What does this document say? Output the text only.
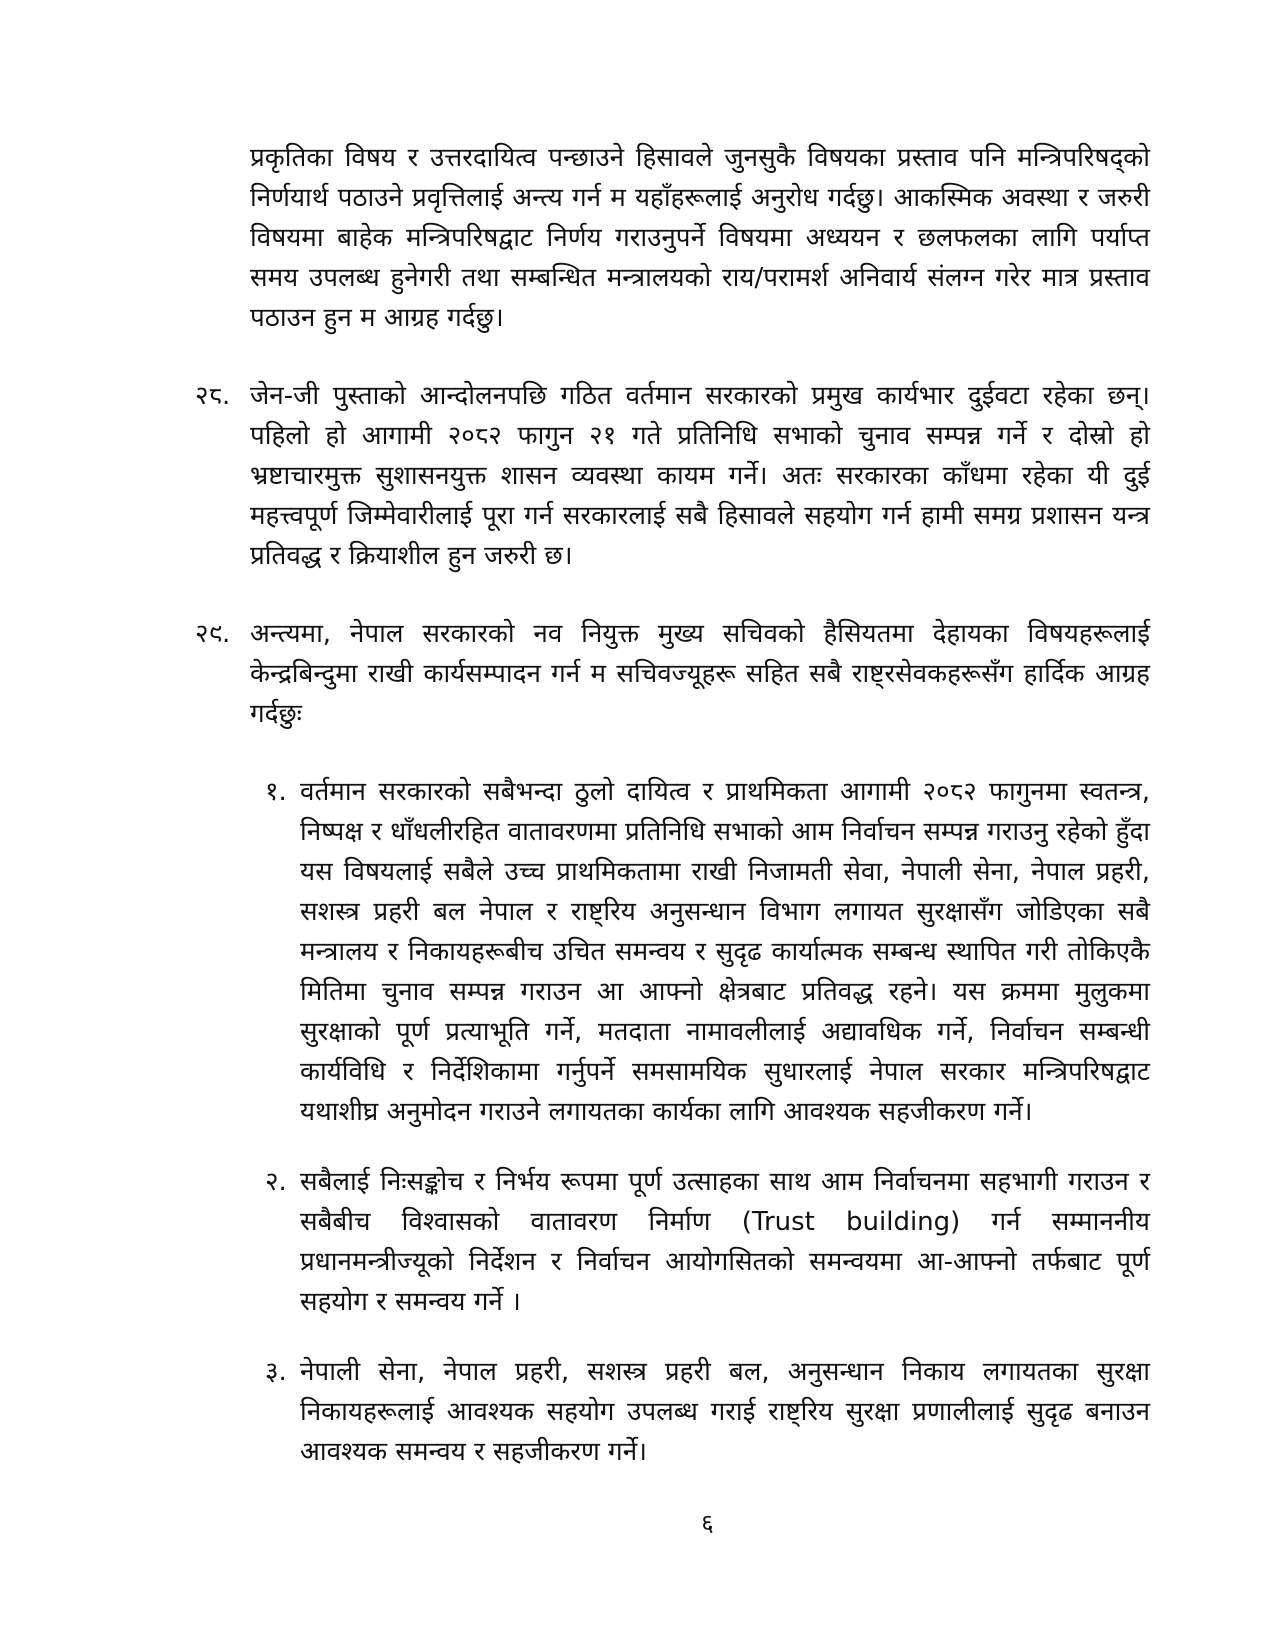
प्रकृतिका विषय र उत्तरदायित्व पन्छाउने हिसावले जुनसुकै विषयका प्रस्ताव पनि मन्त्रिपरिषद्को निर्णयार्थ पठाउने प्रवृत्तिलाई अन्त्य गर्न म यहाँहरूलाई अनुरोध गर्दछु। आकस्मिक अवस्था र जरुरी विषयमा बाहेक मन्त्रिपरिषद्वाट निर्णय गराउनुपर्ने विषयमा अध्ययन र छलफलका लागि पर्याप्त समय उपलब्ध हुनेगरी तथा सम्बन्धित मन्त्रालयको राय/परामर्श अनिवार्य संलग्न गरेर मात्र प्रस्ताव पठाउन हुन म आग्रह गर्दछु।

२८. जेन-जी पुस्ताको आन्दोलनपछि गठित वर्तमान सरकारको प्रमुख कार्यभार दुईवटा रहेका छन्। पहिलो हो आगामी २०८२ फागुन २१ गते प्रतिनिधि सभाको चुनाव सम्पन्न गर्ने र दोस्रो हो भ्रष्टाचारमुक्त सुशासनयुक्त शासन व्यवस्था कायम गर्ने। अतः सरकारका काँधमा रहेका यी दुई महत्त्वपूर्ण जिम्मेवारीलाई पूरा गर्न सरकारलाई सबै हिसावले सहयोग गर्न हामी समग्र प्रशासन यन्त्र प्रतिवद्ध र क्रियाशील हुन जरुरी छ।

२९. अन्त्यमा, नेपाल सरकारको नव नियुक्त मुख्य सचिवको हैसियतमा देहायका विषयहरूलाई केन्द्रबिन्दुमा राखी कार्यसम्पादन गर्न म सचिवज्यूहरू सहित सबै राष्ट्रसेवकहरूसँग हार्दिक आग्रह गर्दछुः

१. वर्तमान सरकारको सबैभन्दा ठुलो दायित्व र प्राथमिकता आगामी २०८२ फागुनमा स्वतन्त्र, निष्पक्ष र धाँधलीरहित वातावरणमा प्रतिनिधि सभाको आम निर्वाचन सम्पन्न गराउनु रहेको हुँदा यस विषयलाई सबैले उच्च प्राथमिकतामा राखी निजामती सेवा, नेपाली सेना, नेपाल प्रहरी, सशस्त्र प्रहरी बल नेपाल र राष्ट्रिय अनुसन्धान विभाग लगायत सुरक्षासँग जोडिएका सबै मन्त्रालय र निकायहरूबीच उचित समन्वय र सुदृढ कार्यात्मक सम्बन्ध स्थापित गरी तोकिएकै मितिमा चुनाव सम्पन्न गराउन आ आफ्नो क्षेत्रबाट प्रतिवद्ध रहने। यस क्रममा मुलुकमा सुरक्षाको पूर्ण प्रत्याभूति गर्ने, मतदाता नामावलीलाई अद्यावधिक गर्ने, निर्वाचन सम्बन्धी कार्यविधि र निर्देशिकामा गर्नुपर्ने समसामयिक सुधारलाई नेपाल सरकार मन्त्रिपरिषद्वाट यथाशीघ्र अनुमोदन गराउने लगायतका कार्यका लागि आवश्यक सहजीकरण गर्ने।

२. सबैलाई निःसङ्कोच र निर्भय रूपमा पूर्ण उत्साहका साथ आम निर्वाचनमा सहभागी गराउन र सबैबीच विश्वासको वातावरण निर्माण (Trust building) गर्न सम्माननीय प्रधानमन्त्रीज्यूको निर्देशन र निर्वाचन आयोगसितको समन्वयमा आ-आफ्नो तर्फबाट पूर्ण सहयोग र समन्वय गर्ने ।

३. नेपाली सेना, नेपाल प्रहरी, सशस्त्र प्रहरी बल, अनुसन्धान निकाय लगायतका सुरक्षा निकायहरूलाई आवश्यक सहयोग उपलब्ध गराई राष्ट्रिय सुरक्षा प्रणालीलाई सुदृढ बनाउन आवश्यक समन्वय र सहजीकरण गर्ने।

६
